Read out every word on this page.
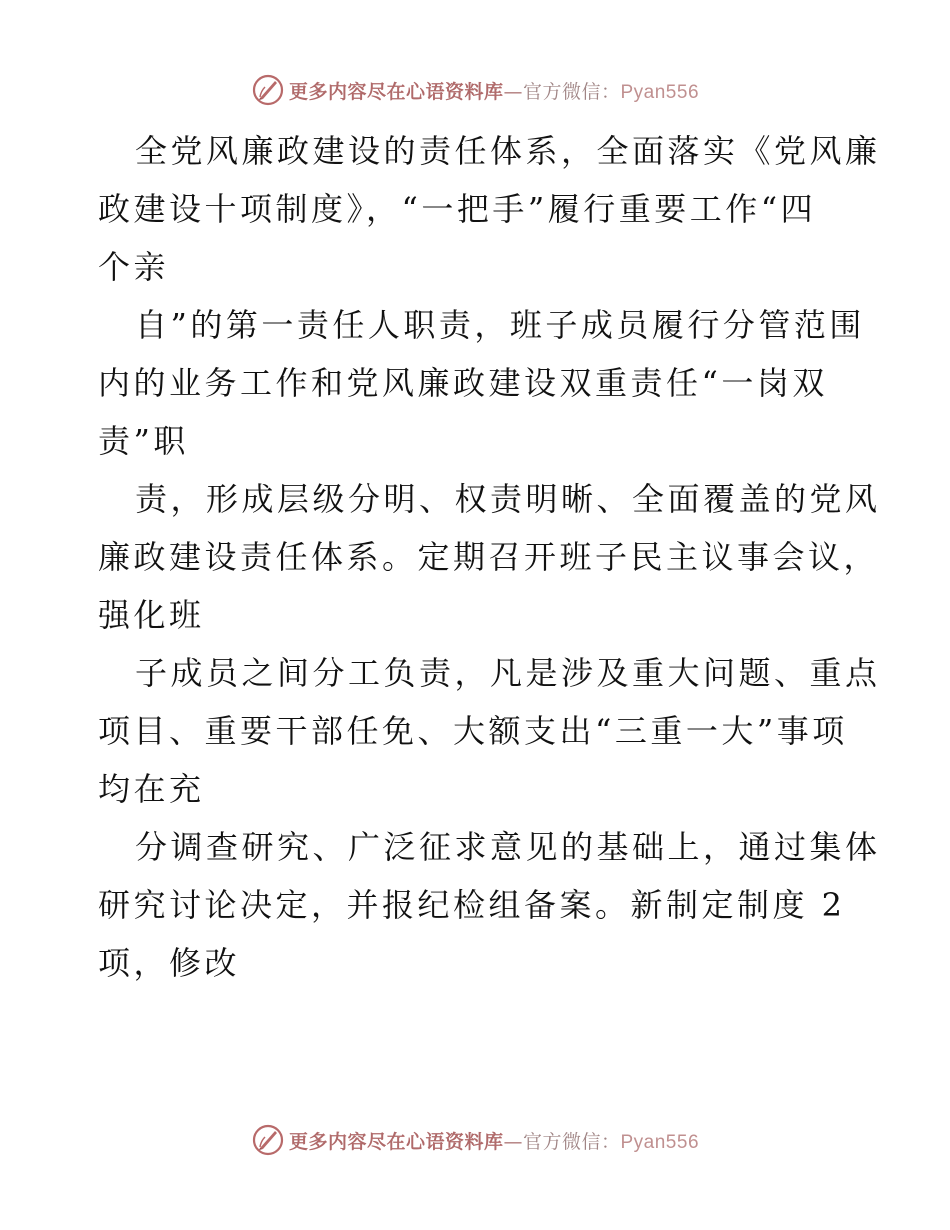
更多内容尽在心语资料库—官方微信：Pyan556
全党风廉政建设的责任体系，全面落实《党风廉
政建设十项制度》，“一把手”履行重要工作“四
个亲
自”的第一责任人职责，班子成员履行分管范围
内的业务工作和党风廉政建设双重责任“一岗双
责”职
责，形成层级分明、权责明晰、全面覆盖的党风
廉政建设责任体系。定期召开班子民主议事会议，
强化班
子成员之间分工负责，凡是涉及重大问题、重点
项目、重要干部任免、大额支出“三重一大”事项
均在充
分调查研究、广泛征求意见的基础上，通过集体
研究讨论决定，并报纪检组备案。新制定制度 2
项，修改
更多内容尽在心语资料库—官方微信：Pyan556
